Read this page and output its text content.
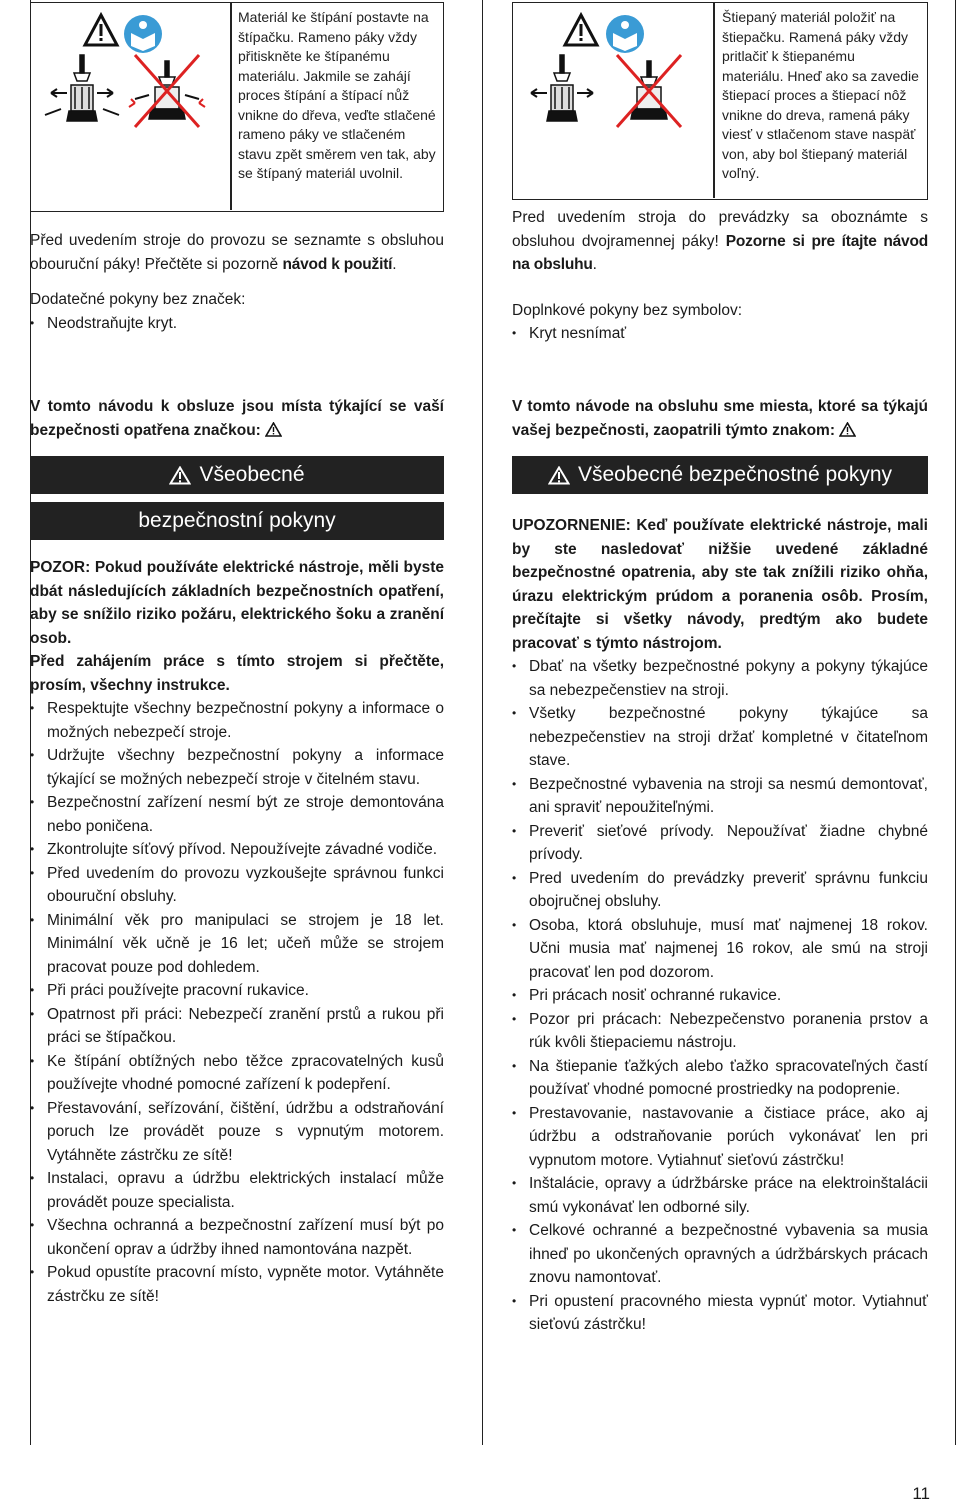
Materiál ke štípání postavte na štípačku. Rameno páky vždy přitiskněte ke štípanému materiálu. Jakmile se zahájí proces štípání a štípací nůž vnikne do dřeva, veďte stlačené rameno páky ve stlačeném stavu zpět směrem ven tak, aby se štípaný materiál uvolnil.

Před uvedením stroje do provozu se seznamte s obsluhou obouruční páky! Přečtěte si pozorně návod k použití.

Dodatečné pokyny bez značek:

• Neodstraňujte kryt.

V tomto návodu k obsluze jsou místa týkající se vaší bezpečnosti opatřena značkou:

Všeobecné
bezpečnostní pokyny

POZOR: Pokud používáte elektrické nástroje, měli byste dbát následujících základních bezpečnostních opatření, aby se snížilo riziko požáru, elektrického šoku a zranění osob.

Před zahájením práce s tímto strojem si přečtěte, prosím, všechny instrukce.

• Respektujte všechny bezpečnostní pokyny a informace o možných nebezpečí stroje.
• Udržujte všechny bezpečnostní pokyny a informace týkající se možných nebezpečí stroje v čitelném stavu.
• Bezpečnostní zařízení nesmí být ze stroje demontována nebo poničena.
• Zkontrolujte síťový přívod. Nepoužívejte závadné vodiče.
• Před uvedením do provozu vyzkoušejte správnou funkci obouruční obsluhy.
• Minimální věk pro manipulaci se strojem je 18 let. Minimální věk učně je 16 let; učeň může se strojem pracovat pouze pod dohledem.
• Při práci používejte pracovní rukavice.
• Opatrnost při práci: Nebezpečí zranění prstů a rukou při práci se štípačkou.
• Ke štípání obtížných nebo těžce zpracovatelných kusů používejte vhodné pomocné zařízení k podepření.
• Přestavování, seřízování, čištění, údržbu a odstraňování poruch lze provádět pouze s vypnutým motorem. Vytáhněte zástrčku ze sítě!
• Instalaci, opravu a údržbu elektrických instalací může provádět pouze specialista.
• Všechna ochranná a bezpečnostní zařízení musí být po ukončení oprav a údržby ihned namontována nazpět.
• Pokud opustíte pracovní místo, vypněte motor. Vytáhněte zástrčku ze sítě!
Štiepaný materiál položiť na štiepačku. Ramená páky vždy pritlačiť k štiepanému materiálu. Hneď ako sa zavedie štiepací proces a štiepací nôž vnikne do dreva, ramená páky viesť v stlačenom stave naspäť von, aby bol štiepaný materiál voľný.

Pred uvedením stroja do prevádzky sa oboznámte s obsluhou dvojramennej páky! Pozorne si pre ítajte návod na obsluhu.

Doplnkové pokyny bez symbolov:

• Kryt nesnímať

V tomto návode na obsluhu sme miesta, ktoré sa týkajú vašej bezpečnosti, zaopatrili týmto znakom:

Všeobecné bezpečnostné pokyny

UPOZORNENIE: Keď používate elektrické nástroje, mali by ste nasledovať nižšie uvedené základné bezpečnostné opatrenia, aby ste tak znížili riziko ohňa, úrazu elektrickým prúdom a poranenia osôb. Prosím, prečítajte si všetky návody, predtým ako budete pracovať s týmto nástrojom.

• Dbať na všetky bezpečnostné pokyny a pokyny týkajúce sa nebezpečenstiev na stroji.
• Všetky bezpečnostné pokyny týkajúce sa nebezpečenstiev na stroji držať kompletné v čitateľnom stave.
• Bezpečnostné vybavenia na stroji sa nesmú demontovať, ani spraviť nepoužiteľnými.
• Preveriť sieťové prívody. Nepoužívať žiadne chybné prívody.
• Pred uvedením do prevádzky preveriť správnu funkciu obojručnej obsluhy.
• Osoba, ktorá obsluhuje, musí mať najmenej 18 rokov. Učni musia mať najmenej 16 rokov, ale smú na stroji pracovať len pod dozorom.
• Pri prácach nosiť ochranné rukavice.
• Pozor pri prácach: Nebezpečenstvo poranenia prstov a rúk kvôli štiepaciemu nástroju.
• Na štiepanie ťažkých alebo ťažko spracovateľných častí používať vhodné pomocné prostriedky na podopreni​e.
• Prestavovanie, nastavovanie a čistiace práce, ako aj údržbu a odstraňovanie porúch vykonávať len pri vypnutom motore. Vytiahnuť sieťovú zástrčku!
• Inštalácie, opravy a údržbárske práce na elektroinštalácii smú vykonávať len odborné sily.
• Celkové ochranné a bezpečnostné vybavenia sa musia ihneď po ukončených opravných a údržbárskych prácach znovu namontovať.
• Pri opustení pracovného miesta vypnúť motor. Vytiahnuť sieťovú zástrčku!
11
